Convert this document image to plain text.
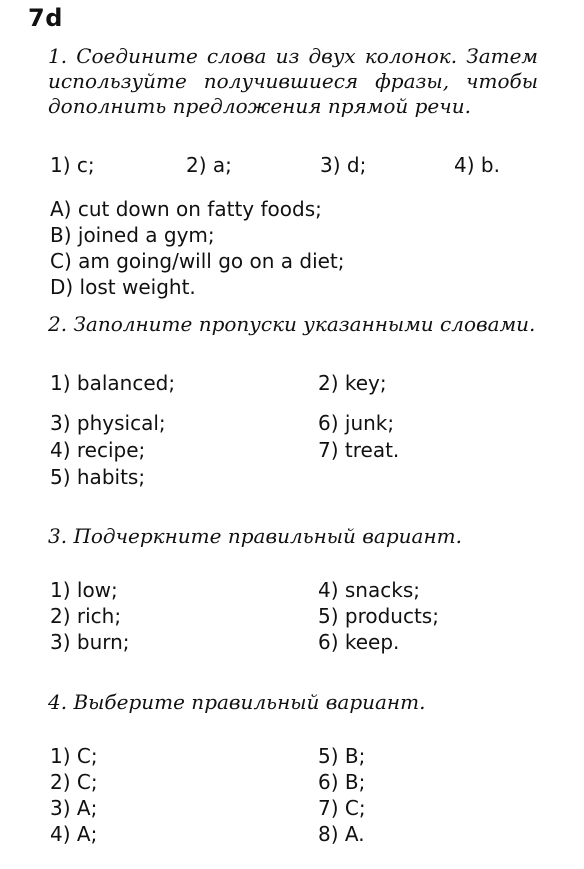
7d

1. Соедините слова из двух колонок. Затем используйте получившиеся фразы, чтобы дополнить предложения прямой речи.

1) c;	2) a;	3) d;	4) b.
A) cut down on fatty foods;
B) joined a gym;
C) am going/will go on a diet;
D) lost weight.

2. Заполните пропуски указанными словами.

1) balanced;	2) key;
3) physical;	6) junk;
4) recipe;	7) treat.
5) habits;

3. Подчеркните правильный вариант.

1) low;	4) snacks;
2) rich;	5) products;
3) burn;	6) keep.

4. Выберите правильный вариант.

1) C;	5) B;
2) C;	6) B;
3) A;	7) C;
4) A;	8) A.
